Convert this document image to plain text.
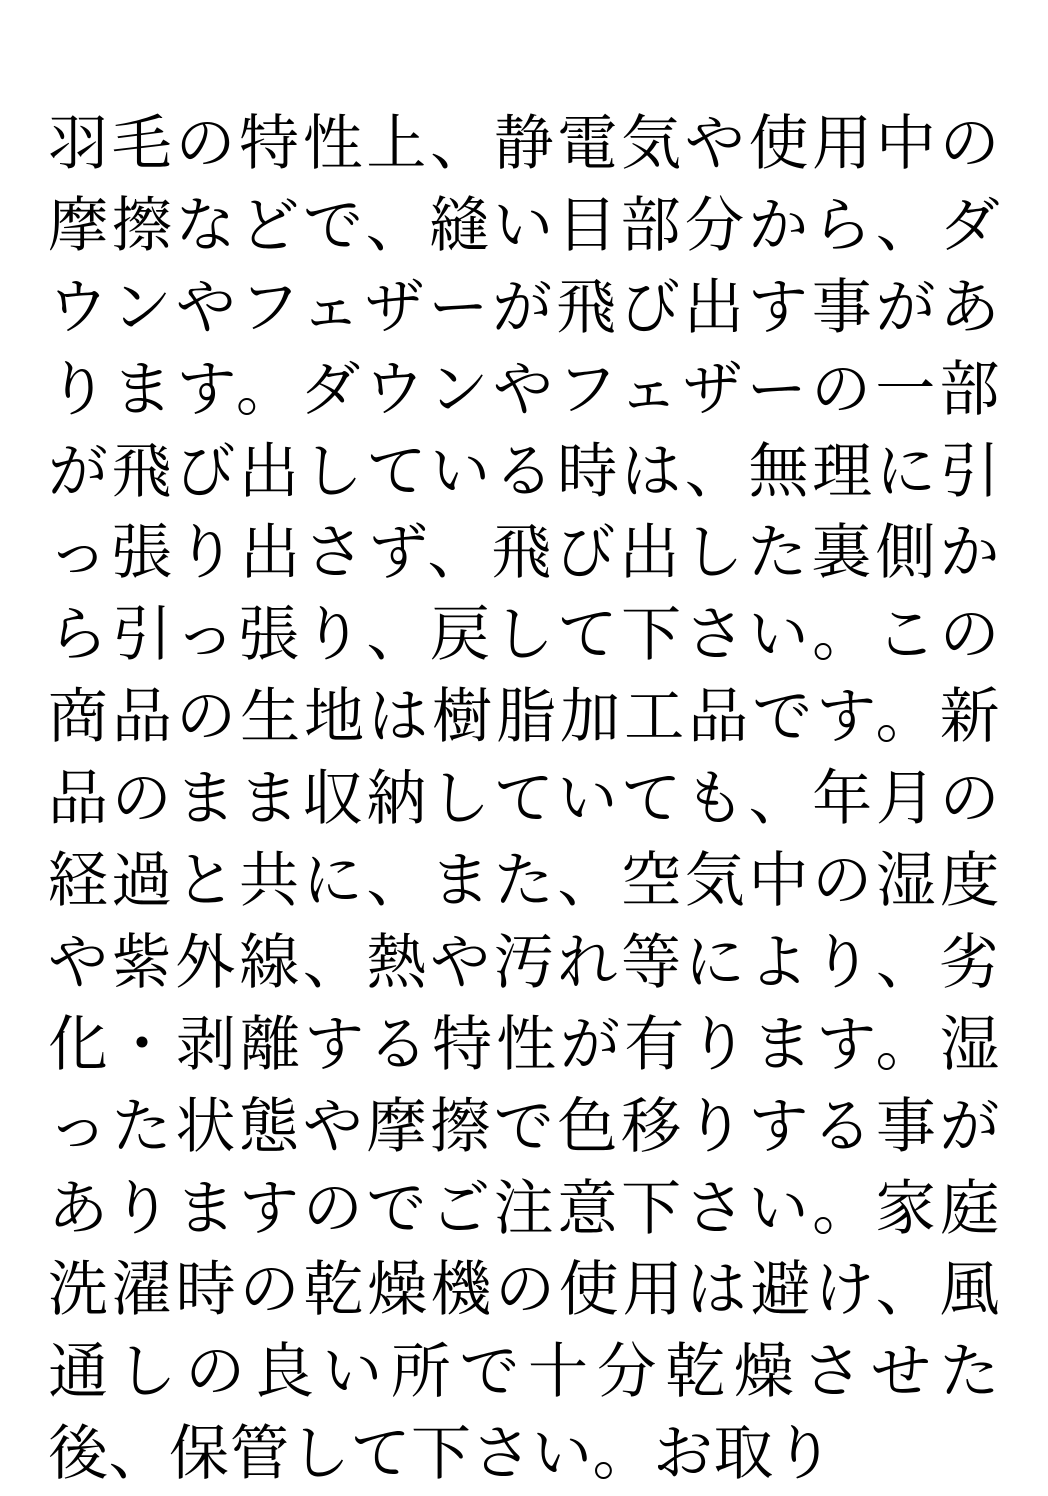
羽毛の特性上、静電気や使用中の摩擦などで、縫い目部分から、ダウンやフェザーが飛び出す事があります。ダウンやフェザーの一部が飛び出している時は、無理に引っ張り出さず、飛び出した裏側から引っ張り、戻して下さい。この商品の生地は樹脂加工品です。新品のまま収納していても、年月の経過と共に、また、空気中の湿度や紫外線、熱や汚れ等により、劣化・剥離する特性が有ります。湿った状態や摩擦で色移りする事がありますのでご注意下さい。家庭洗濯時の乾燥機の使用は避け、風通しの良い所で十分乾燥させた後、保管して下さい。お取り
